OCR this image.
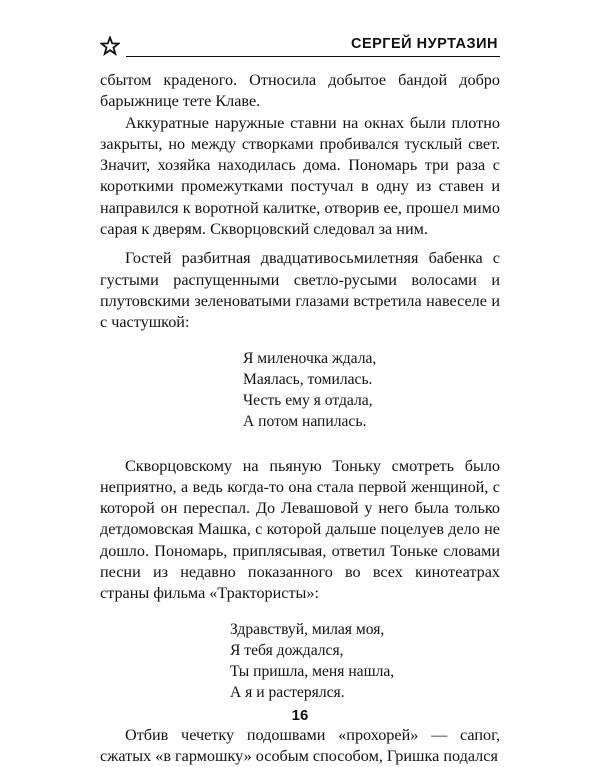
СЕРГЕЙ НУРТАЗИН

сбытом краденого. Относила добытое бандой добро барыжнице тете Клаве.

Аккуратные наружные ставни на окнах были плотно закрыты, но между створками пробивался тусклый свет. Значит, хозяйка находилась дома. Пономарь три раза с короткими промежутками постучал в одну из ставен и направился к воротной калитке, отворив ее, прошел мимо сарая к дверям. Скворцовский следовал за ним.

Гостей разбитная двадцативосьмилетняя бабенка с густыми распущенными светло-русыми волосами и плутовскими зеленоватыми глазами встретила навеселе и с частушкой:

Я миленочка ждала,
Маялась, томилась.
Честь ему я отдала,
А потом напилась.

Скворцовскому на пьяную Тоньку смотреть было неприятно, а ведь когда-то она стала первой женщиной, с которой он переспал. До Левашовой у него была только детдомовская Машка, с которой дальше поцелуев дело не дошло. Пономарь, приплясывая, ответил Тоньке словами песни из недавно показанного во всех кинотеатрах страны фильма «Трактористы»:

Здравствуй, милая моя,
Я тебя дождался,
Ты пришла, меня нашла,
А я и растерялся.

Отбив чечетку подошвами «прохорей» — сапог, сжатых «в гармошку» особым способом, Гришка подался

16
